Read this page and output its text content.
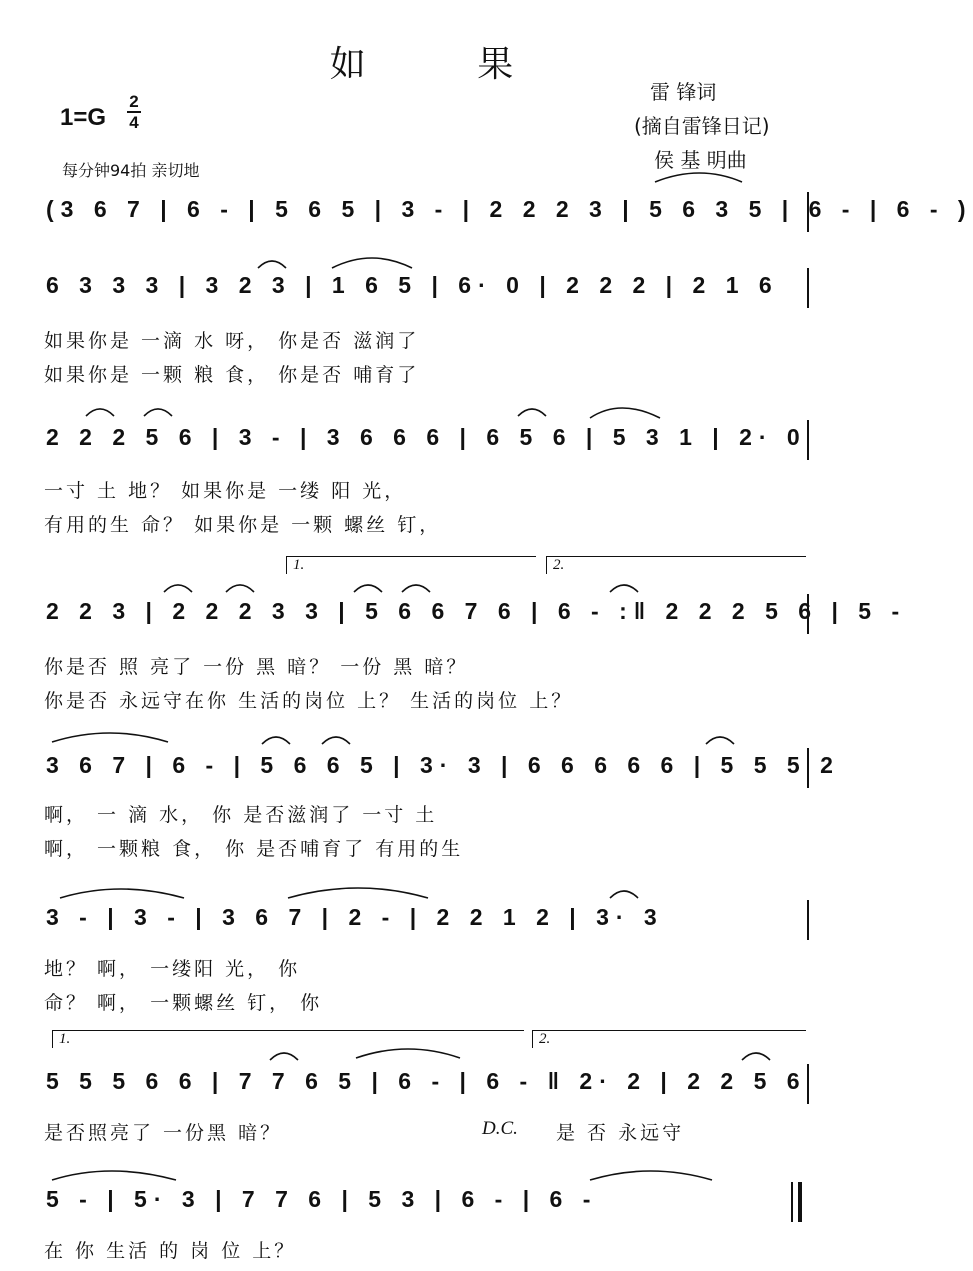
如 果
1=G
2
4
每分钟94拍 亲切地
雷 锋词
(摘自雷锋日记)
侯 基 明曲
(3 6 7 | 6 - | 5 6 5 | 3 - | 2 2 2 3 | 5 6 3 5 | 6 - | 6 - )
6 3 3 3 | 3 2 3 | 1 6 5 | 6· 0 | 2 2 2 | 2 1 6
如果你是 一滴 水 呀， 你是否 滋润了
如果你是 一颗 粮 食， 你是否 哺育了
2 2 2 5 6 | 3 - | 3 6 6 6 | 6 5 6 | 5 3 1 | 2· 0
一寸 土 地？ 如果你是 一缕 阳 光，
有用的生 命？ 如果你是 一颗 螺丝 钉，
1.	2.
2 2 3 | 2 2 2 3 3 | 5 6 6 7 6 | 6 - :‖ 2 2 2 5 6 | 5 -
你是否 照 亮了 一份 黑 暗？ 一份 黑 暗？
你是否 永远守在你 生活的岗位 上？ 生活的岗位 上？
3 6 7 | 6 - | 5 6 6 5 | 3· 3 | 6 6 6 6 6 | 5 5 5 2
啊， 一 滴 水， 你 是否滋润了 一寸 土
啊， 一颗粮 食， 你 是否哺育了 有用的生
3 - | 3 - | 3 6 7 | 2 - | 2 2 1 2 | 3· 3
地？ 啊， 一缕阳 光， 你
命？ 啊， 一颗螺丝 钉， 你
1.	2.
5 5 5 6 6 | 7 7 6 5 | 6 - | 6 - ‖ 2· 2 | 2 2 5 6
是否照亮了 一份黑 暗？	D.C. 是 否 永远守
5 - | 5· 3 | 7 7 6 | 5 3 | 6 - | 6 -
在 你 生活 的 岗 位 上？
